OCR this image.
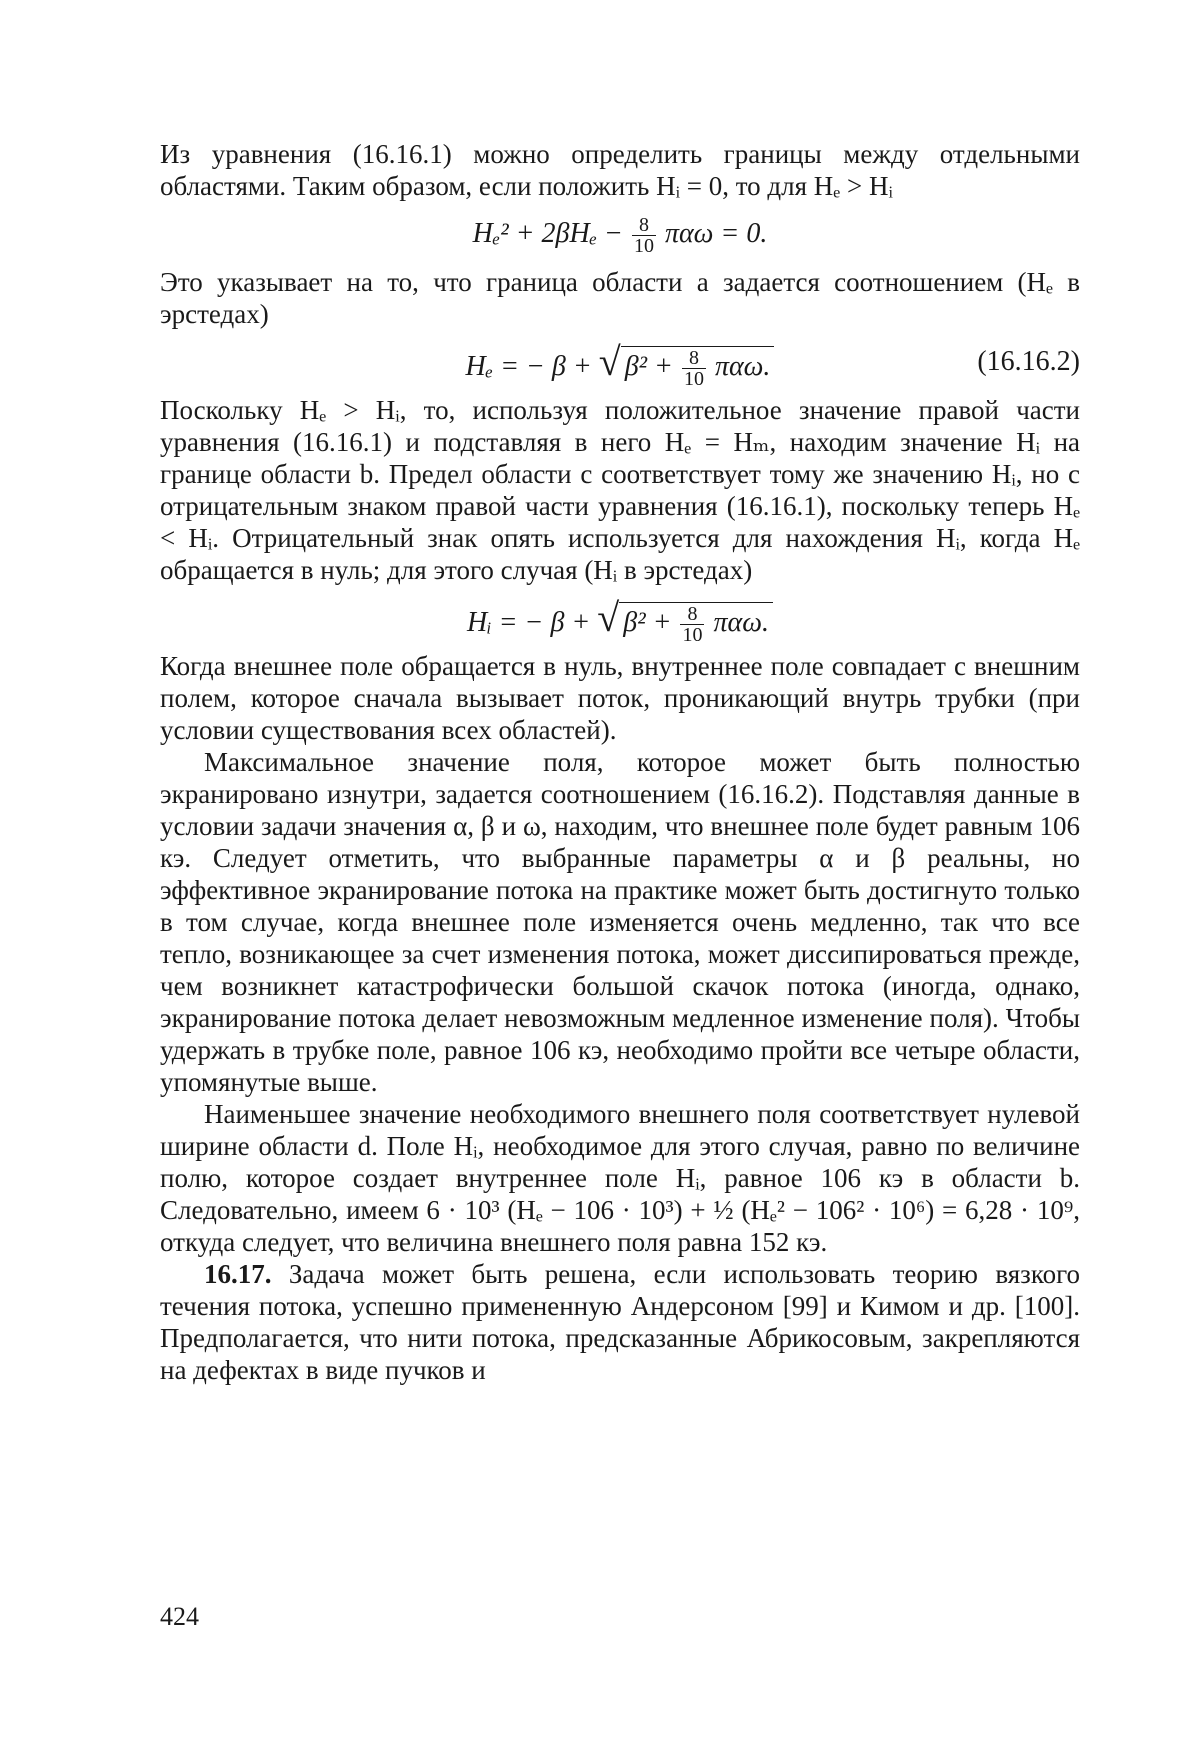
Из уравнения (16.16.1) можно определить границы между отдельными областями. Таким образом, если положить Hᵢ = 0, то для Hₑ > Hᵢ

$H_e^2 + 2\beta H_e - \frac{8}{10}$ παω = 0.

Это указывает на то, что граница области a задается соотношением (Hₑ в эрстедах)

Hₑ = − β + √ $\beta^2 + \frac{8}{10} \pi\alpha\omega$.	(16.16.2)

Поскольку Hₑ > Hᵢ, то, используя положительное значение правой части уравнения (16.16.1) и подставляя в него Hₑ = Hₘ, находим значение Hᵢ на границе области b. Предел области c соответствует тому же значению Hᵢ, но с отрицательным знаком правой части уравнения (16.16.1), поскольку теперь Hₑ < Hᵢ. Отрицательный знак опять используется для нахождения Hᵢ, когда Hₑ обращается в нуль; для этого случая (Hᵢ в эрстедах)

Hᵢ = − β + √ $\beta^2 + \frac{8}{10} \pi\alpha\omega$.

Когда внешнее поле обращается в нуль, внутреннее поле совпадает с внешним полем, которое сначала вызывает поток, проникающий внутрь трубки (при условии существования всех областей).

Максимальное значение поля, которое может быть полностью экранировано изнутри, задается соотношением (16.16.2). Подставляя данные в условии задачи значения α, β и ω, находим, что внешнее поле будет равным 106 кэ. Следует отметить, что выбранные параметры α и β реальны, но эффективное экранирование потока на практике может быть достигнуто только в том случае, когда внешнее поле изменяется очень медленно, так что все тепло, возникающее за счет изменения потока, может диссипироваться прежде, чем возникнет катастрофически большой скачок потока (иногда, однако, экранирование потока делает невозможным медленное изменение поля). Чтобы удержать в трубке поле, равное 106 кэ, необходимо пройти все четыре области, упомянутые выше.

Наименьшее значение необходимого внешнего поля соответствует нулевой ширине области d. Поле Hᵢ, необходимое для этого случая, равно по величине полю, которое создает внутреннее поле Hᵢ, равное 106 кэ в области b. Следовательно, имеем 6 · 10³ (Hₑ − 106 · 10³) + ½ (Hₑ² − 106² · 10⁶) = 6,28 · 10⁹, откуда следует, что величина внешнего поля равна 152 кэ.

16.17. Задача может быть решена, если использовать теорию вязкого течения потока, успешно примененную Андерсоном [99] и Кимом и др. [100]. Предполагается, что нити потока, предсказанные Абрикосовым, закрепляются на дефектах в виде пучков и

424
